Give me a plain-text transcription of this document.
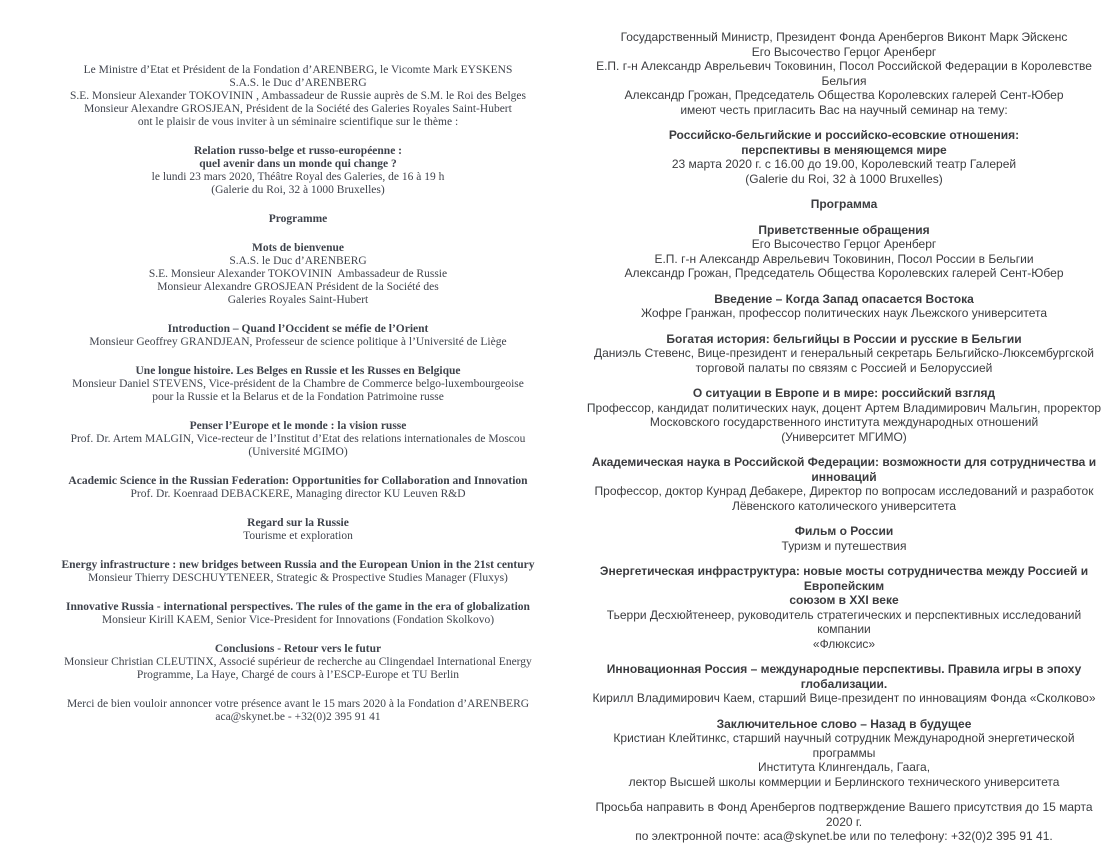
Le Ministre d’Etat et Président de la Fondation d’ARENBERG, le Vicomte Mark EYSKENS
S.A.S. le Duc d’ARENBERG
S.E. Monsieur Alexander TOKOVININ , Ambassadeur de Russie auprès de S.M. le Roi des Belges
Monsieur Alexandre GROSJEAN, Président de la Société des Galeries Royales Saint-Hubert
ont le plaisir de vous inviter à un séminaire scientifique sur le thème :
Relation russo-belge et russo-européenne :
quel avenir dans un monde qui change ?
le lundi 23 mars 2020, Théâtre Royal des Galeries, de 16 à 19 h
(Galerie du Roi, 32 à 1000 Bruxelles)
Programme
Mots de bienvenue
S.A.S. le Duc d’ARENBERG
S.E. Monsieur Alexander TOKOVININ  Ambassadeur de Russie
Monsieur Alexandre GROSJEAN Président de la Société des
Galeries Royales Saint-Hubert
Introduction – Quand l’Occident se méfie de l’Orient
Monsieur Geoffrey GRANDJEAN, Professeur de science politique à l’Université de Liège
Une longue histoire. Les Belges en Russie et les Russes en Belgique
Monsieur Daniel STEVENS, Vice-président de la Chambre de Commerce belgo-luxembourgeoise
pour la Russie et la Belarus et de la Fondation Patrimoine russe
Penser l’Europe et le monde : la vision russe
Prof. Dr. Artem MALGIN, Vice-recteur de l’Institut d’Etat des relations internationales de Moscou
(Université MGIMO)
Academic Science in the Russian Federation: Opportunities for Collaboration and Innovation
Prof. Dr. Koenraad DEBACKERE, Managing director KU Leuven R&D
Regard sur la Russie
Tourisme et exploration
Energy infrastructure : new bridges between Russia and the European Union in the 21st century
Monsieur Thierry DESCHUYTENEER, Strategic & Prospective Studies Manager (Fluxys)
Innovative Russia - international perspectives. The rules of the game in the era of globalization
Monsieur Kirill KAEM, Senior Vice-President for Innovations (Fondation Skolkovo)
Conclusions - Retour vers le futur
Monsieur Christian CLEUTINX, Associé supérieur de recherche au Clingendael International Energy
Programme, La Haye, Chargé de cours à l’ESCP-Europe et TU Berlin
Merci de bien vouloir annoncer votre présence avant le 15 mars 2020 à la Fondation d’ARENBERG
aca@skynet.be - +32(0)2 395 91 41
Государственный Министр, Президент Фонда Аренбергов Виконт Марк Эйскенс
Его Высочество Герцог Аренберг
Е.П. г-н Александр Аврельевич Токовинин, Посол Российской Федерации в Королевстве Бельгия
Александр Грожан, Председатель Общества Королевских галерей Сент-Юбер
имеют честь пригласить Вас на научный семинар на тему:
Российско-бельгийские и российско-есовские отношения:
перспективы в меняющемся мире
23 марта 2020 г. с 16.00 до 19.00, Королевский театр Галерей
(Galerie du Roi, 32 à 1000 Bruxelles)
Программа
Приветственные обращения
Его Высочество Герцог Аренберг
Е.П. г-н Александр Аврельевич Токовинин, Посол России в Бельгии
Александр Грожан, Председатель Общества Королевских галерей Сент-Юбер
Введение – Когда Запад опасается Востока
Жофре Гранжан, профессор политических наук Льежского университета
Богатая история: бельгийцы в России и русские в Бельгии
Даниэль Стевенс, Вице-президент и генеральный секретарь Бельгийско-Люксембургской
торговой палаты по связям с Россией и Белоруссией
О ситуации в Европе и в мире: российский взгляд
Профессор, кандидат политических наук, доцент Артем Владимирович Мальгин, проректор
Московского государственного института международных отношений
(Университет МГИМО)
Академическая наука в Российской Федерации: возможности для сотрудничества и
инноваций
Профессор, доктор Кунрад Дебакере, Директор по вопросам исследований и разработок
Лёвенского католического университета
Фильм о России
Туризм и путешествия
Энергетическая инфраструктура: новые мосты сотрудничества между Россией и Европейским
союзом в XXI веке
Тьерри Десхюйтенеер, руководитель стратегических и перспективных исследований компании
«Флюксис»
Инновационная Россия – международные перспективы. Правила игры в эпоху глобализации.
Кирилл Владимирович Каем, старший Вице-президент по инновациям Фонда «Сколково»
Заключительное слово – Назад в будущее
Кристиан Клейтинкс, старший научный сотрудник Международной энергетической программы
Института Клингендаль, Гаага,
лектор Высшей школы коммерции и Берлинского технического университета
Просьба направить в Фонд Аренбергов подтверждение Вашего присутствия до 15 марта 2020 г.
по электронной почте: aca@skynet.be или по телефону: +32(0)2 395 91 41.
